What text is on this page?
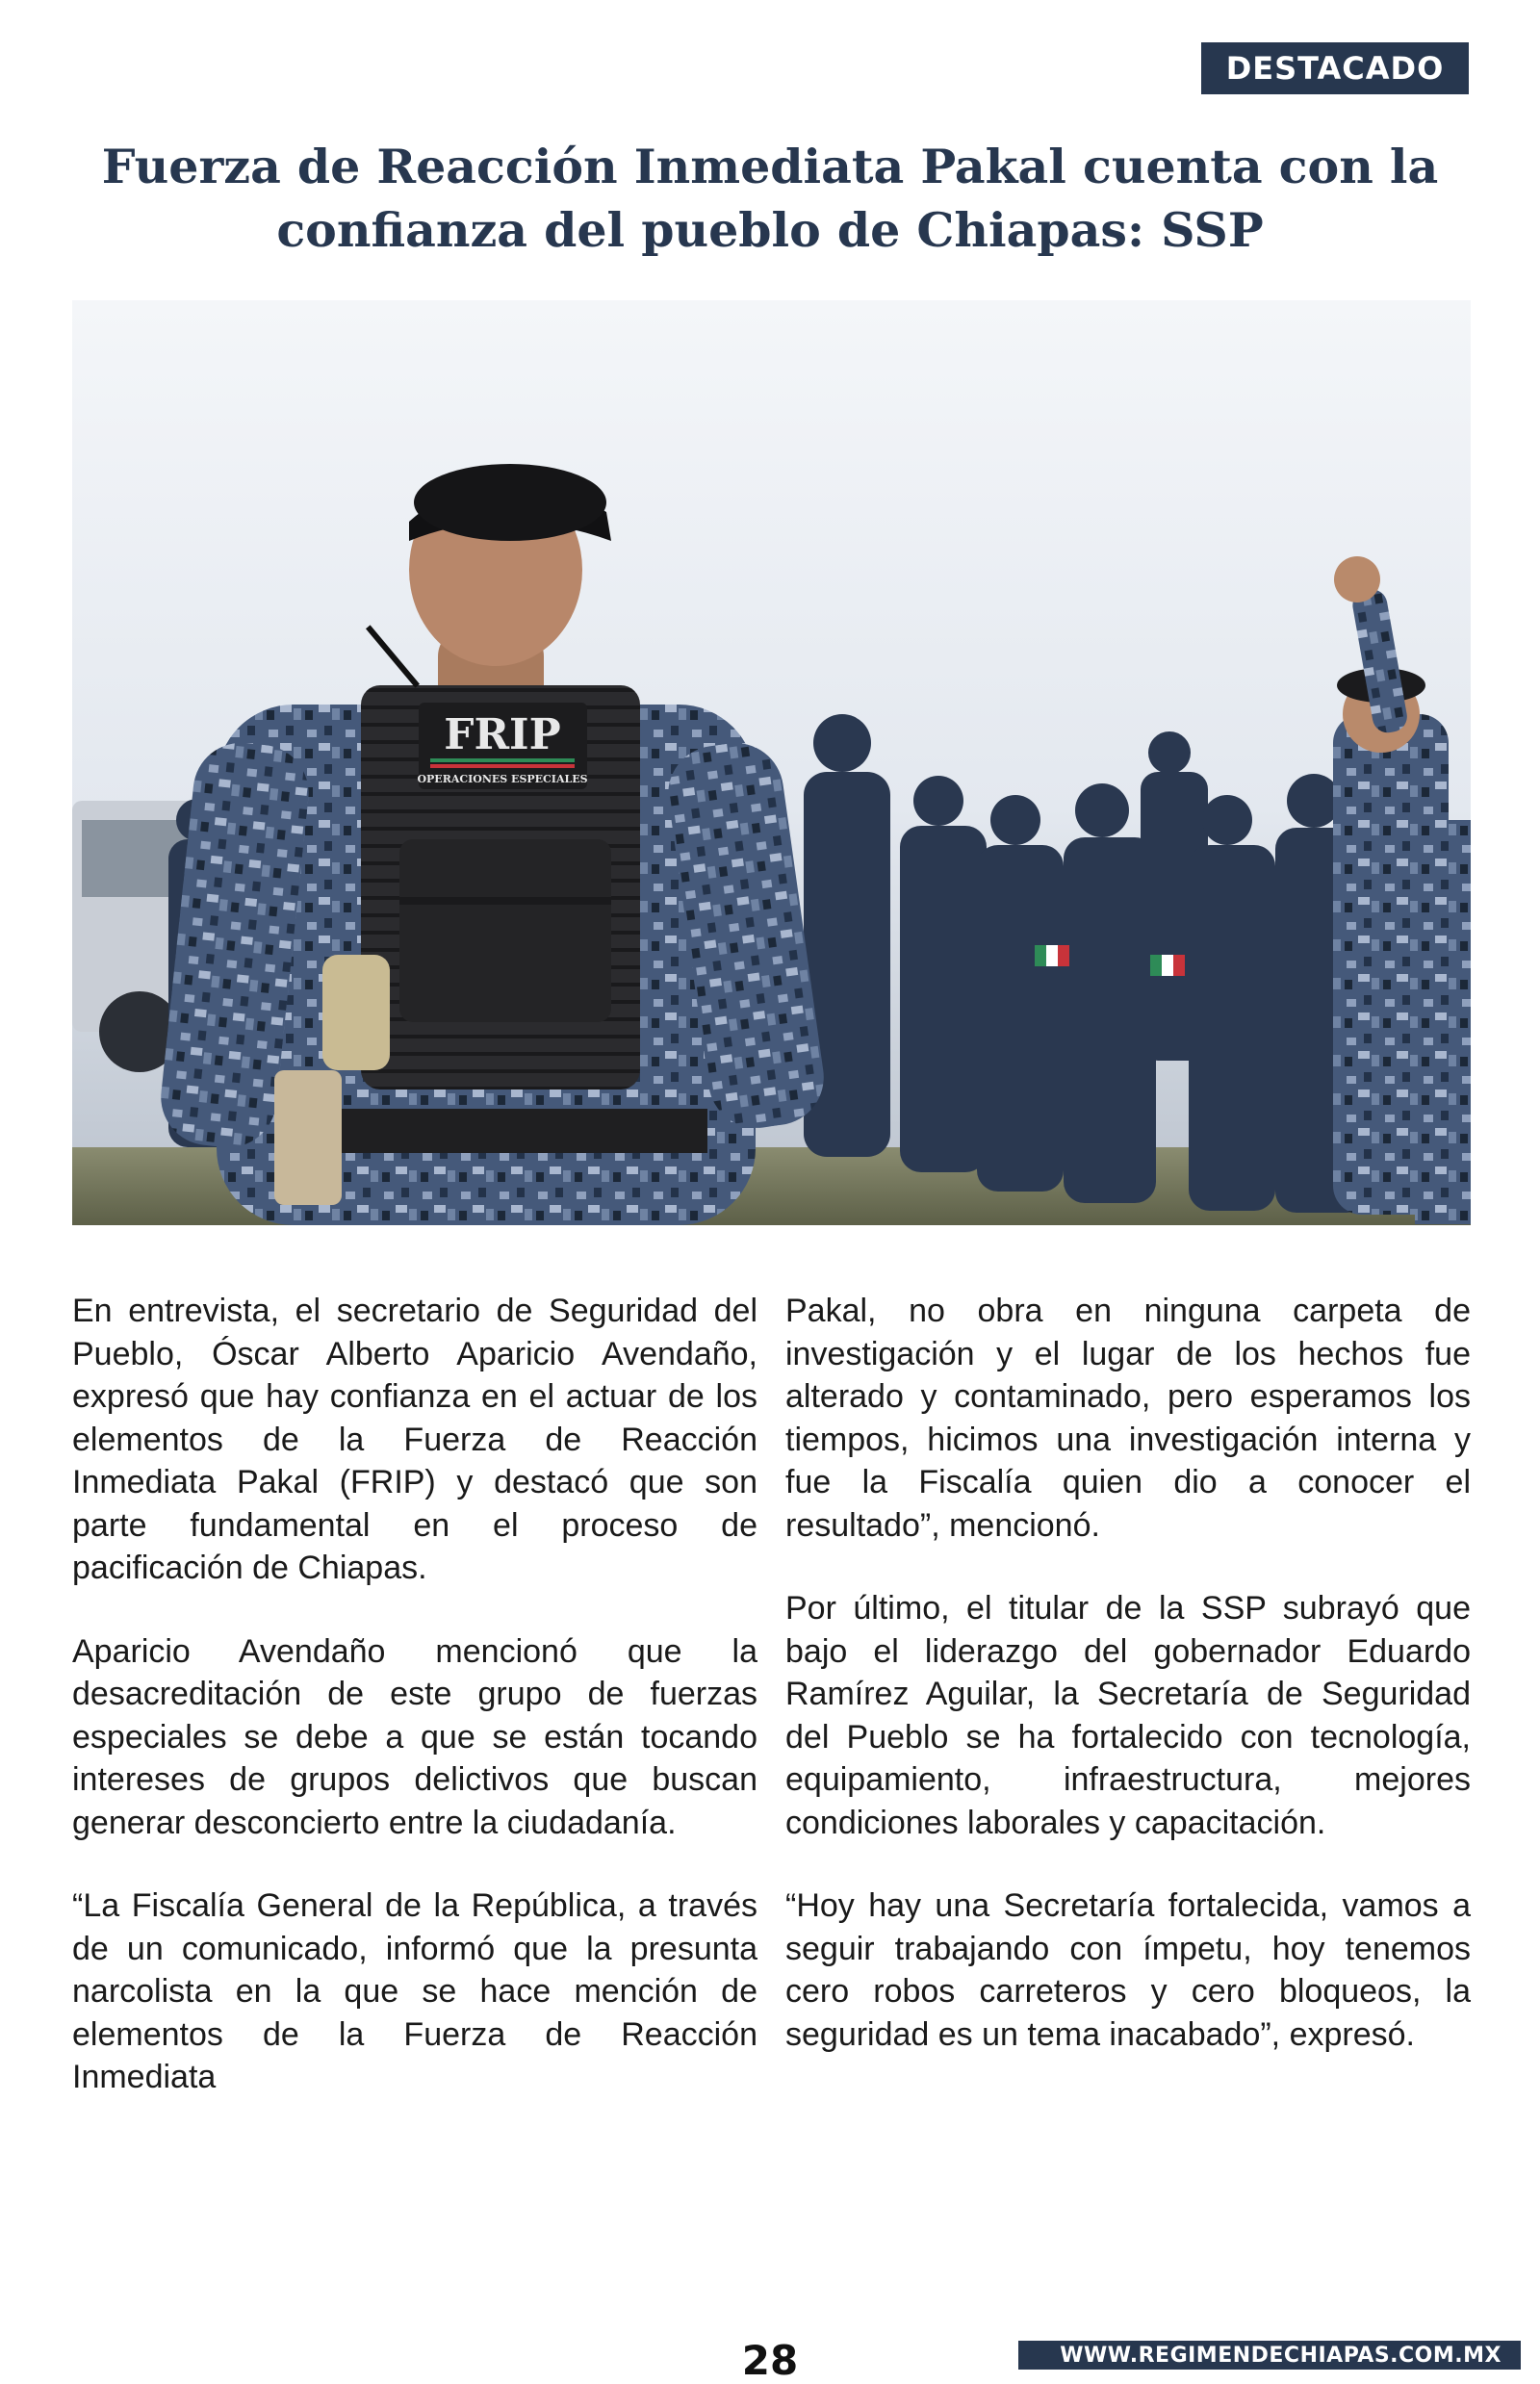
DESTACADO
Fuerza de Reacción Inmediata Pakal cuenta con la confianza del pueblo de Chiapas: SSP
FRIP
OPERACIONES ESPECIALES

En entrevista, el secretario de Seguridad del Pueblo, Óscar Alberto Aparicio Avendaño, expresó que hay confianza en el actuar de los elementos de la Fuerza de Reacción Inmediata Pakal (FRIP) y destacó que son parte fundamental en el proceso de pacificación de Chiapas.

Aparicio Avendaño mencionó que la desacreditación de este grupo de fuerzas especiales se debe a que se están tocando intereses de grupos delictivos que buscan generar desconcierto entre la ciudadanía.

“La Fiscalía General de la República, a través de un comunicado, informó que la presunta narcolista en la que se hace mención de elementos de la Fuerza de Reacción Inmediata

Pakal, no obra en ninguna carpeta de investigación y el lugar de los hechos fue alterado y contaminado, pero esperamos los tiempos, hicimos una investigación interna y fue la Fiscalía quien dio a conocer el resultado”, mencionó.

Por último, el titular de la SSP subrayó que bajo el liderazgo del gobernador Eduardo Ramírez Aguilar, la Secretaría de Seguridad del Pueblo se ha fortalecido con tecnología, equipamiento, infraestructura, mejores condiciones laborales y capacitación.

“Hoy hay una Secretaría fortalecida, vamos a seguir trabajando con ímpetu, hoy tenemos cero robos carreteros y cero bloqueos, la seguridad es un tema inacabado”, expresó.

28	WWW.REGIMENDECHIAPAS.COM.MX
